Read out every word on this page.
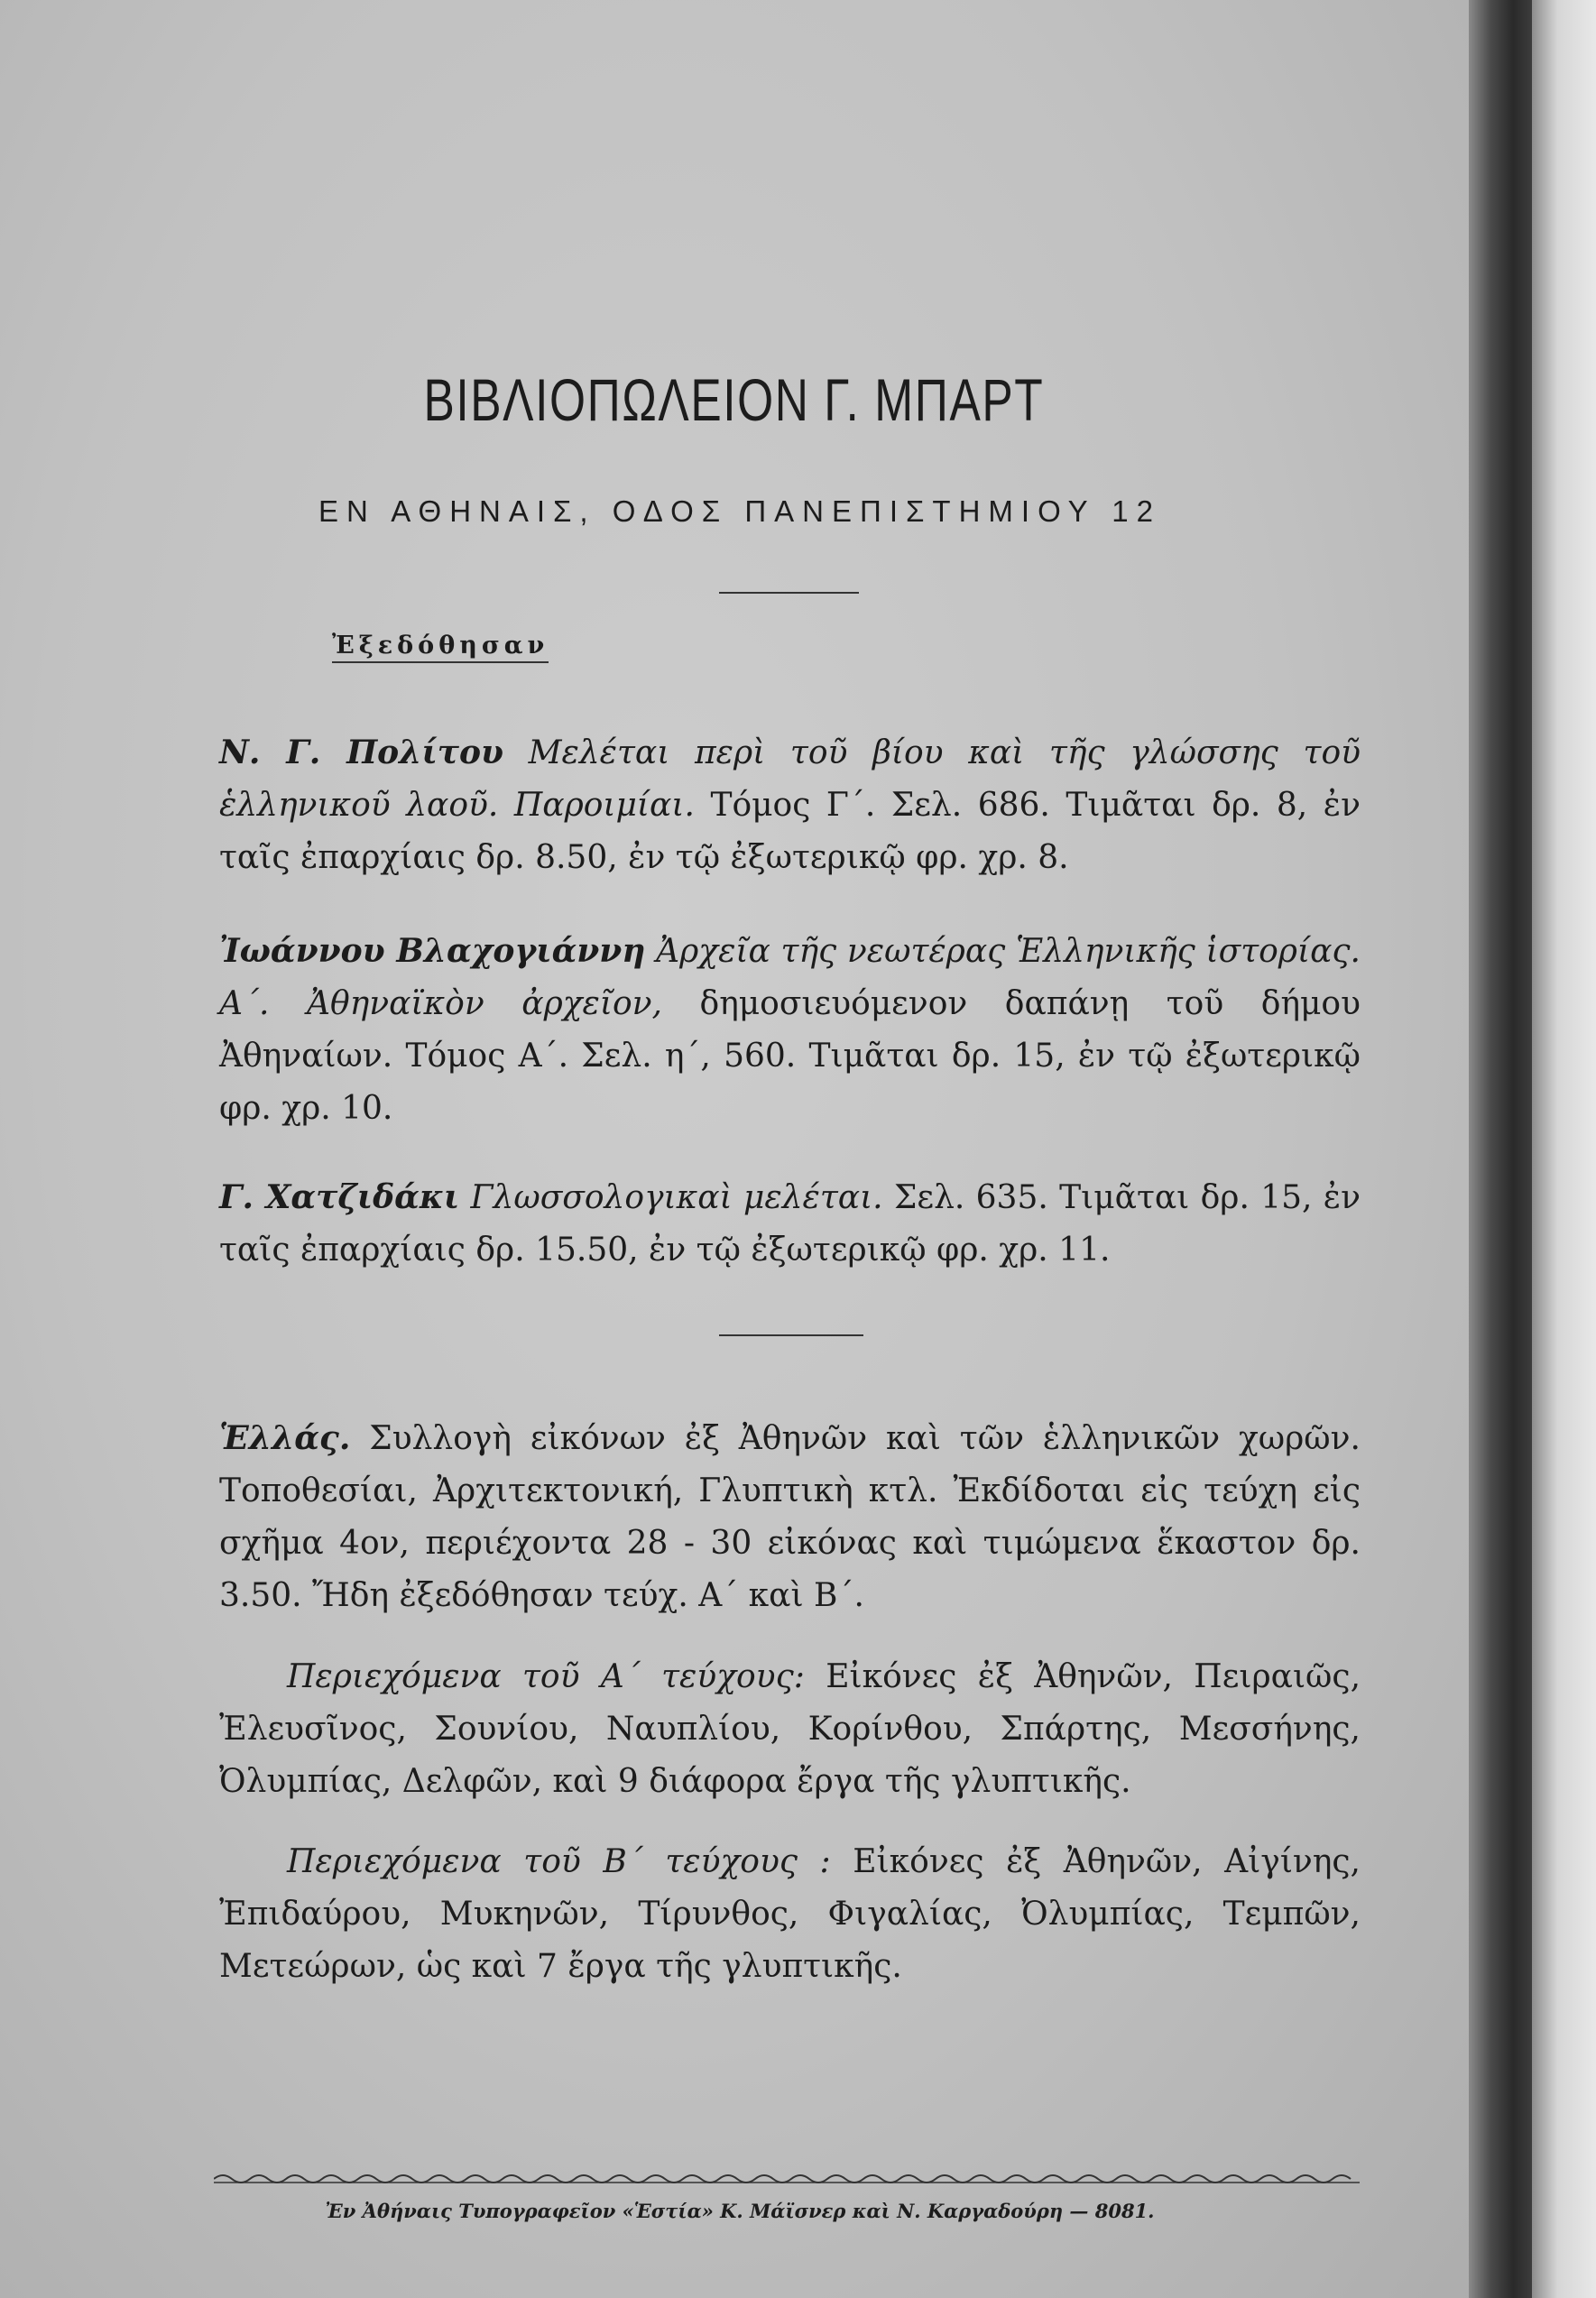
ΒΙΒΛΙΟΠΩΛΕΙΟΝ Γ. ΜΠΑΡΤ
ΕΝ ΑΘΗΝΑΙΣ, ΟΔΟΣ ΠΑΝΕΠΙΣΤΗΜΙΟΥ 12
Ἐξεδόθησαν
Ν. Γ. Πολίτου Μελέται περὶ τοῦ βίου καὶ τῆς γλώσσης τοῦ ἑλληνικοῦ λαοῦ. Παροιμίαι. Τόμος Γ΄. Σελ. 686. Τιμᾶται δρ. 8, ἐν ταῖς ἐπαρχίαις δρ. 8.50, ἐν τῷ ἐξωτερικῷ φρ. χρ. 8.
Ἰωάννου Βλαχογιάννη Ἀρχεῖα τῆς νεωτέρας Ἑλληνικῆς ἱστορίας. Α΄. Ἀθηναϊκὸν ἀρχεῖον, δημοσιευόμενον δαπάνῃ τοῦ δήμου Ἀθηναίων. Τόμος Α΄. Σελ. η΄, 560. Τιμᾶται δρ. 15, ἐν τῷ ἐξωτερικῷ φρ. χρ. 10.
Γ. Χατζιδάκι Γλωσσολογικαὶ μελέται. Σελ. 635. Τιμᾶται δρ. 15, ἐν ταῖς ἐπαρχίαις δρ. 15.50, ἐν τῷ ἐξωτερικῷ φρ. χρ. 11.
Ἑλλάς. Συλλογὴ εἰκόνων ἐξ Ἀθηνῶν καὶ τῶν ἑλληνικῶν χωρῶν. Τοποθεσίαι, Ἀρχιτεκτονική, Γλυπτικὴ κτλ. Ἐκδίδοται εἰς τεύχη εἰς σχῆμα 4ον, περιέχοντα 28 - 30 εἰκόνας καὶ τιμώμενα ἕκαστον δρ. 3.50. Ἤδη ἐξεδόθησαν τεύχ. Α΄ καὶ Β΄.
Περιεχόμενα τοῦ Α΄ τεύχους: Εἰκόνες ἐξ Ἀθηνῶν, Πειραιῶς, Ἐλευσῖνος, Σουνίου, Ναυπλίου, Κορίνθου, Σπάρτης, Μεσσήνης, Ὀλυμπίας, Δελφῶν, καὶ 9 διάφορα ἔργα τῆς γλυπτικῆς.
Περιεχόμενα τοῦ Β΄ τεύχους : Εἰκόνες ἐξ Ἀθηνῶν, Αἰγίνης, Ἐπιδαύρου, Μυκηνῶν, Τίρυνθος, Φιγαλίας, Ὀλυμπίας, Τεμπῶν, Μετεώρων, ὡς καὶ 7 ἔργα τῆς γλυπτικῆς.
Ἐν Ἀθήναις Τυπογραφεῖον «Ἑστία» Κ. Μάϊσνερ καὶ Ν. Καργαδούρη — 8081.
